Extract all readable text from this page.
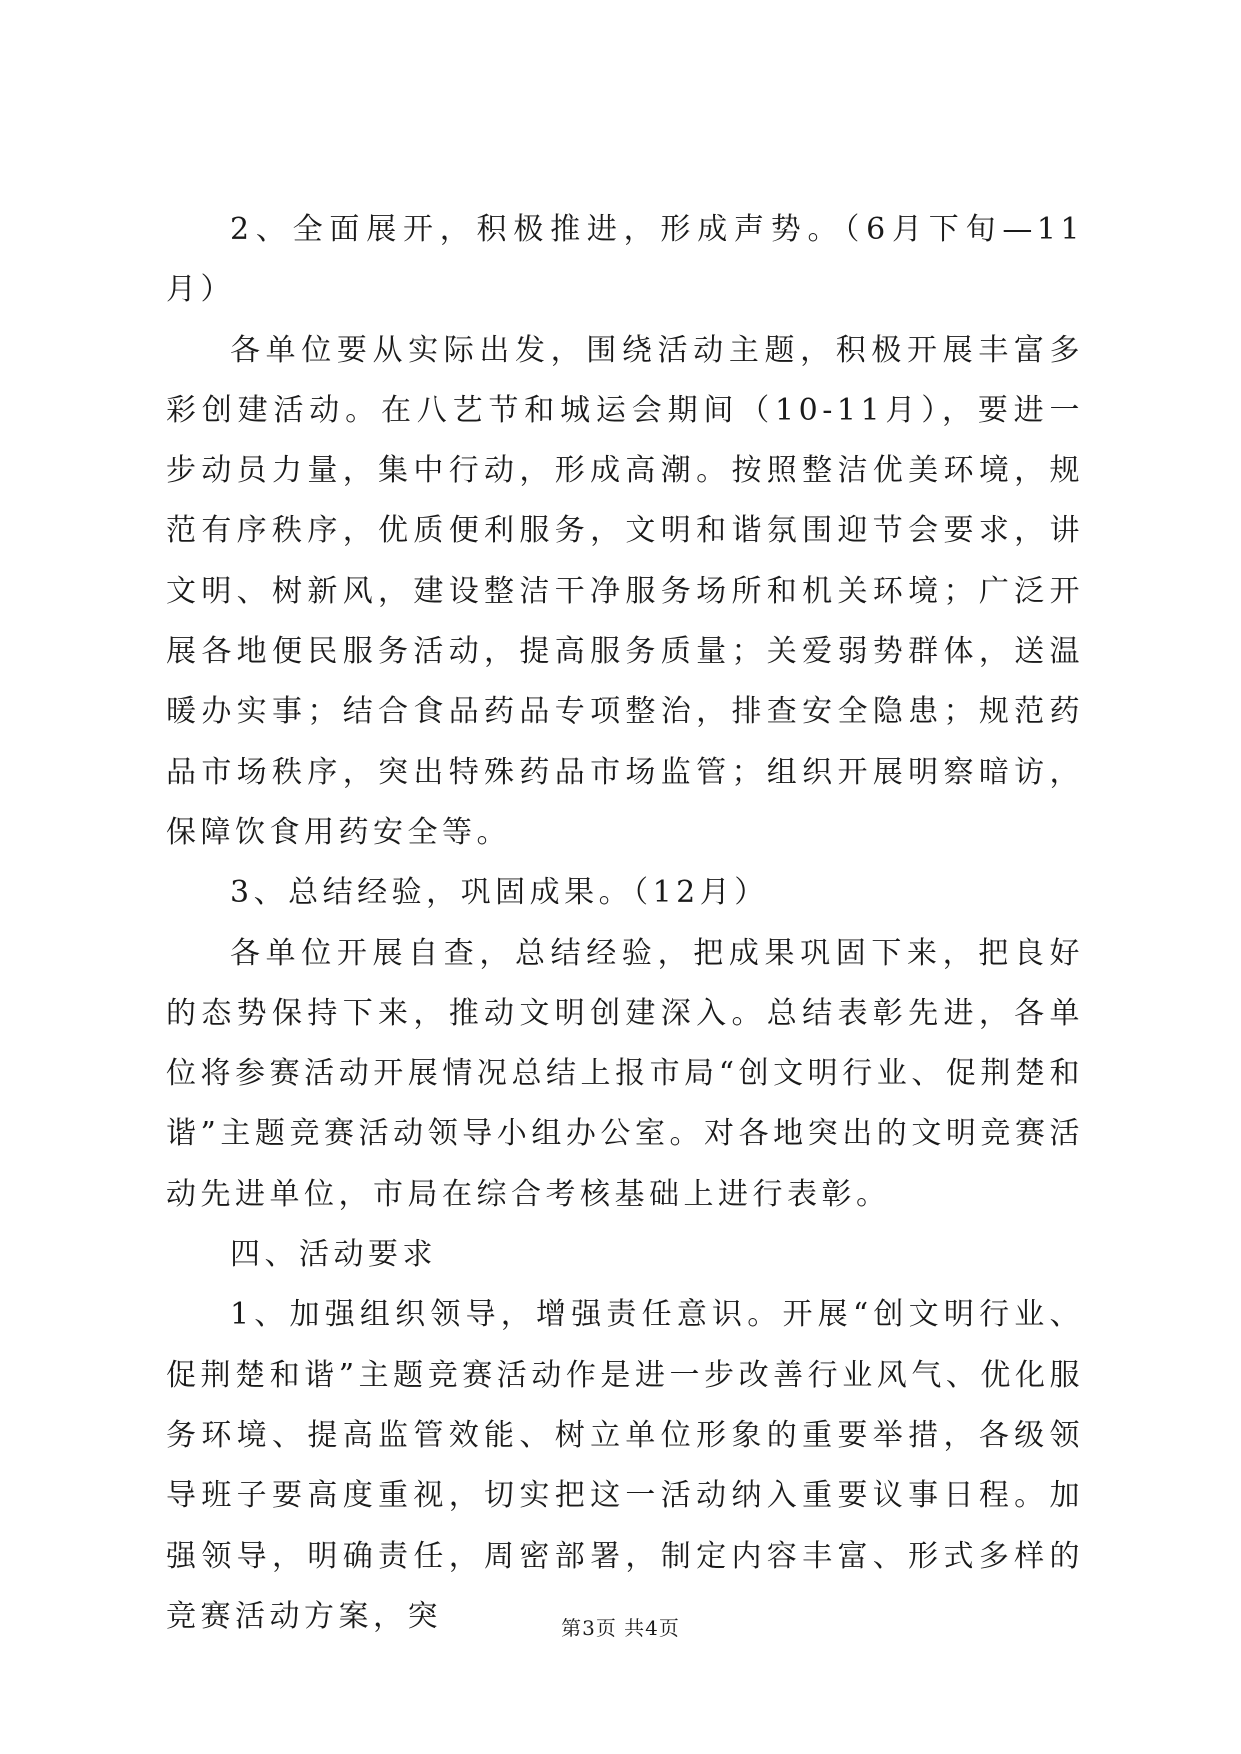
2、全面展开，积极推进，形成声势。（6月下旬—11月）

各单位要从实际出发，围绕活动主题，积极开展丰富多彩创建活动。在八艺节和城运会期间（10-11月），要进一步动员力量，集中行动，形成高潮。按照整洁优美环境，规范有序秩序，优质便利服务，文明和谐氛围迎节会要求，讲文明、树新风，建设整洁干净服务场所和机关环境；广泛开展各地便民服务活动，提高服务质量；关爱弱势群体，送温暖办实事；结合食品药品专项整治，排查安全隐患；规范药品市场秩序，突出特殊药品市场监管；组织开展明察暗访，保障饮食用药安全等。

3、总结经验，巩固成果。（12月）

各单位开展自查，总结经验，把成果巩固下来，把良好的态势保持下来，推动文明创建深入。总结表彰先进，各单位将参赛活动开展情况总结上报市局“创文明行业、促荆楚和谐”主题竞赛活动领导小组办公室。对各地突出的文明竞赛活动先进单位，市局在综合考核基础上进行表彰。

四、活动要求

1、加强组织领导，增强责任意识。开展“创文明行业、促荆楚和谐”主题竞赛活动作是进一步改善行业风气、优化服务环境、提高监管效能、树立单位形象的重要举措，各级领导班子要高度重视，切实把这一活动纳入重要议事日程。加强领导，明确责任，周密部署，制定内容丰富、形式多样的竞赛活动方案，突	第3页 共4页
